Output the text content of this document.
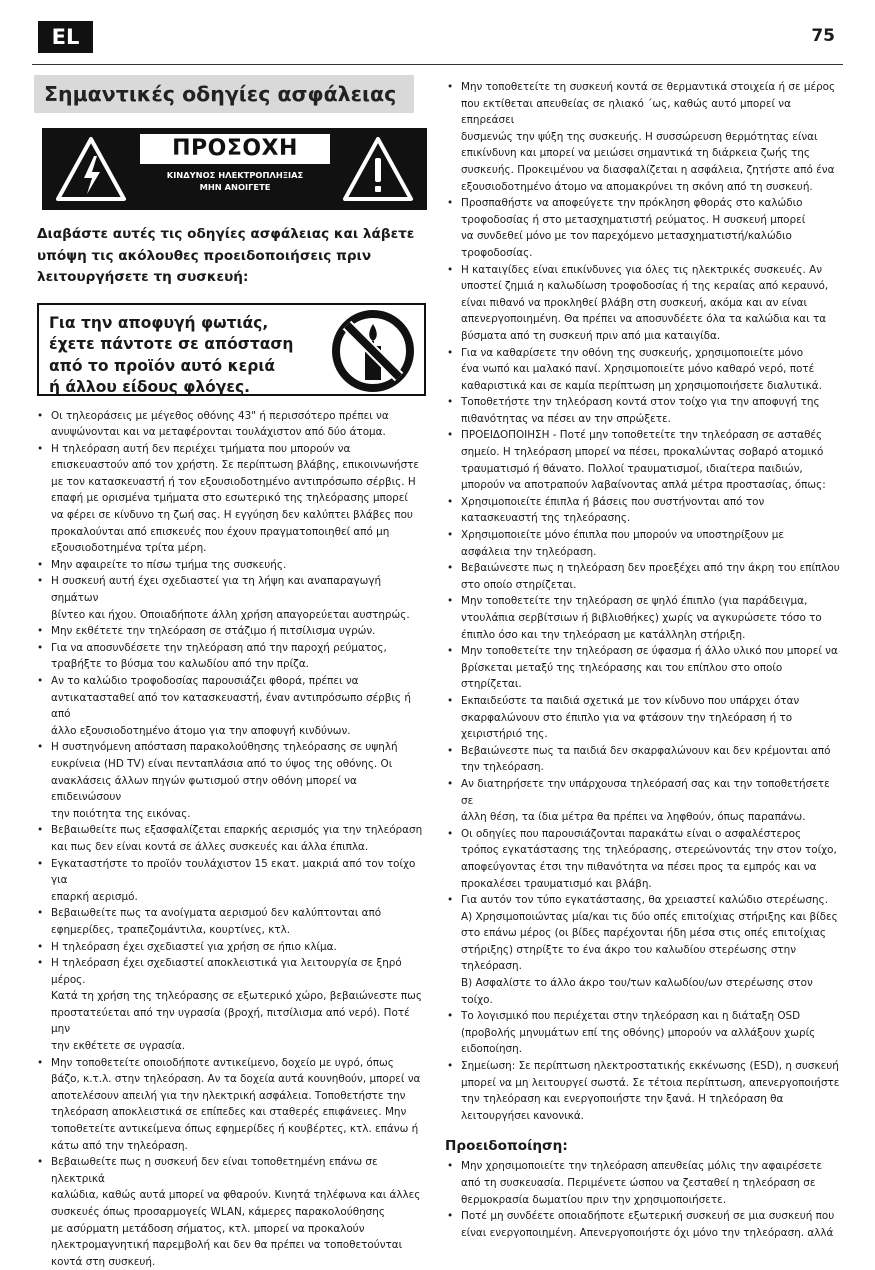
EL	75
Σημαντικές οδηγίες ασφάλειας
ΠΡΟΣΟΧΗ
ΚΙΝΔΥΝΟΣ ΗΛΕΚΤΡΟΠΛΗΞΙΑΣ
ΜΗΝ ΑΝΟΙΓΕΤΕ
Διαβάστε αυτές τις οδηγίες ασφάλειας και λάβετε
υπόψη τις ακόλουθες προειδοποιήσεις πριν
λειτουργήσετε τη συσκευή:
Για την αποφυγή φωτιάς,
έχετε πάντοτε σε απόσταση
από το προϊόν αυτό κεριά
ή άλλου είδους φλόγες.
• Οι τηλεοράσεις με μέγεθος οθόνης 43" ή περισσότερο πρέπει να
ανυψώνονται και να μεταφέρονται τουλάχιστον από δύο άτομα.
• Η τηλεόραση αυτή δεν περιέχει τμήματα που μπορούν να
επισκευαστούν από τον χρήστη. Σε περίπτωση βλάβης, επικοινωνήστε
με τον κατασκευαστή ή τον εξουσιοδοτημένο αντιπρόσωπο σέρβις. Η
επαφή με ορισμένα τμήματα στο εσωτερικό της τηλεόρασης μπορεί
να φέρει σε κίνδυνο τη ζωή σας. Η εγγύηση δεν καλύπτει βλάβες που
προκαλούνται από επισκευές που έχουν πραγματοποιηθεί από μη
εξουσιοδοτημένα τρίτα μέρη.
• Μην αφαιρείτε το πίσω τμήμα της συσκευής.
• Η συσκευή αυτή έχει σχεδιαστεί για τη λήψη και αναπαραγωγή σημάτων
βίντεο και ήχου. Οποιαδήποτε άλλη χρήση απαγορεύεται αυστηρώς.
• Μην εκθέτετε την τηλεόραση σε στάζιμο ή πιτσίλισμα υγρών.
• Για να αποσυνδέσετε την τηλεόραση από την παροχή ρεύματος,
τραβήξτε το βύσμα του καλωδίου από την πρίζα.
• Αν το καλώδιο τροφοδοσίας παρουσιάζει φθορά, πρέπει να
αντικατασταθεί από τον κατασκευαστή, έναν αντιπρόσωπο σέρβις ή από
άλλο εξουσιοδοτημένο άτομο για την αποφυγή κινδύνων.
• Η συστηνόμενη απόσταση παρακολούθησης τηλεόρασης σε υψηλή
ευκρίνεια (HD TV) είναι πενταπλάσια από το ύψος της οθόνης. Οι
ανακλάσεις άλλων πηγών φωτισμού στην οθόνη μπορεί να επιδεινώσουν
την ποιότητα της εικόνας.
• Βεβαιωθείτε πως εξασφαλίζεται επαρκής αερισμός για την τηλεόραση
και πως δεν είναι κοντά σε άλλες συσκευές και άλλα έπιπλα.
• Εγκαταστήστε το προϊόν τουλάχιστον 15 εκατ. μακριά από τον τοίχο για
επαρκή αερισμό.
• Βεβαιωθείτε πως τα ανοίγματα αερισμού δεν καλύπτονται από
εφημερίδες, τραπεζομάντιλα, κουρτίνες, κτλ.
• Η τηλεόραση έχει σχεδιαστεί για χρήση σε ήπιο κλίμα.
• Η τηλεόραση έχει σχεδιαστεί αποκλειστικά για λειτουργία σε ξηρό μέρος.
Κατά τη χρήση της τηλεόρασης σε εξωτερικό χώρο, βεβαιώνεστε πως
προστατεύεται από την υγρασία (βροχή, πιτσίλισμα από νερό). Ποτέ μην
την εκθέτετε σε υγρασία.
• Μην τοποθετείτε οποιοδήποτε αντικείμενο, δοχείο με υγρό, όπως
βάζο, κ.τ.λ. στην τηλεόραση. Αν τα δοχεία αυτά κουνηθούν, μπορεί να
αποτελέσουν απειλή για την ηλεκτρική ασφάλεια. Τοποθετήστε την
τηλεόραση αποκλειστικά σε επίπεδες και σταθερές επιφάνειες. Μην
τοποθετείτε αντικείμενα όπως εφημερίδες ή κουβέρτες, κτλ. επάνω ή
κάτω από την τηλεόραση.
• Βεβαιωθείτε πως η συσκευή δεν είναι τοποθετημένη επάνω σε ηλεκτρικά
καλώδια, καθώς αυτά μπορεί να φθαρούν. Κινητά τηλέφωνα και άλλες
συσκευές όπως προσαρμογείς WLAN, κάμερες παρακολούθησης
με ασύρματη μετάδοση σήματος, κτλ. μπορεί να προκαλούν
ηλεκτρομαγνητική παρεμβολή και δεν θα πρέπει να τοποθετούνται
κοντά στη συσκευή.
• Μην τοποθετείτε τη συσκευή κοντά σε θερμαντικά στοιχεία ή σε μέρος
που εκτίθεται απευθείας σε ηλιακό ΄ως, καθώς αυτό μπορεί να επηρεάσει
δυσμενώς την ψύξη της συσκευής. Η συσσώρευση θερμότητας είναι
επικίνδυνη και μπορεί να μειώσει σημαντικά τη διάρκεια ζωής της
συσκευής. Προκειμένου να διασφαλίζεται η ασφάλεια, ζητήστε από ένα
εξουσιοδοτημένο άτομο να απομακρύνει τη σκόνη από τη συσκευή.
• Προσπαθήστε να αποφεύγετε την πρόκληση φθοράς στο καλώδιο
τροφοδοσίας ή στο μετασχηματιστή ρεύματος. Η συσκευή μπορεί
να συνδεθεί μόνο με τον παρεχόμενο μετασχηματιστή/καλώδιο
τροφοδοσίας.
• Η καταιγίδες είναι επικίνδυνες για όλες τις ηλεκτρικές συσκευές. Αν
υποστεί ζημιά η καλωδίωση τροφοδοσίας ή της κεραίας από κεραυνό,
είναι πιθανό να προκληθεί βλάβη στη συσκευή, ακόμα και αν είναι
απενεργοποιημένη. Θα πρέπει να αποσυνδέετε όλα τα καλώδια και τα
βύσματα από τη συσκευή πριν από μια καταιγίδα.
• Για να καθαρίσετε την οθόνη της συσκευής, χρησιμοποιείτε μόνο
ένα νωπό και μαλακό πανί. Χρησιμοποιείτε μόνο καθαρό νερό, ποτέ
καθαριστικά και σε καμία περίπτωση μη χρησιμοποιήσετε διαλυτικά.
• Τοποθετήστε την τηλεόραση κοντά στον τοίχο για την αποφυγή της
πιθανότητας να πέσει αν την σπρώξετε.
• ΠΡΟΕΙΔΟΠΟΙΗΣΗ - Ποτέ μην τοποθετείτε την τηλεόραση σε ασταθές
σημείο. Η τηλεόραση μπορεί να πέσει, προκαλώντας σοβαρό ατομικό
τραυματισμό ή θάνατο. Πολλοί τραυματισμοί, ιδιαίτερα παιδιών,
μπορούν να αποτραπούν λαβαίνοντας απλά μέτρα προστασίας, όπως:
• Χρησιμοποιείτε έπιπλα ή βάσεις που συστήνονται από τον
κατασκευαστή της τηλεόρασης.
• Χρησιμοποιείτε μόνο έπιπλα που μπορούν να υποστηρίξουν με
ασφάλεια την τηλεόραση.
• Βεβαιώνεστε πως η τηλεόραση δεν προεξέχει από την άκρη του επίπλου
στο οποίο στηρίζεται.
• Μην τοποθετείτε την τηλεόραση σε ψηλό έπιπλο (για παράδειγμα,
ντουλάπια σερβίτσιων ή βιβλιοθήκες) χωρίς να αγκυρώσετε τόσο το
έπιπλο όσο και την τηλεόραση με κατάλληλη στήριξη.
• Μην τοποθετείτε την τηλεόραση σε ύφασμα ή άλλο υλικό που μπορεί να
βρίσκεται μεταξύ της τηλεόρασης και του επίπλου στο οποίο στηρίζεται.
• Εκπαιδεύστε τα παιδιά σχετικά με τον κίνδυνο που υπάρχει όταν
σκαρφαλώνουν στο έπιπλο για να φτάσουν την τηλεόραση ή τo
χειριστήριό της.
• Βεβαιώνεστε πως τα παιδιά δεν σκαρφαλώνουν και δεν κρέμονται από
την τηλεόραση.
• Αν διατηρήσετε την υπάρχουσα τηλεόρασή σας και την τοποθετήσετε σε
άλλη θέση, τα ίδια μέτρα θα πρέπει να ληφθούν, όπως παραπάνω.
• Οι οδηγίες που παρουσιάζονται παρακάτω είναι ο ασφαλέστερος
τρόπος εγκατάστασης της τηλεόρασης, στερεώνοντάς την στον τοίχο,
αποφεύγοντας έτσι την πιθανότητα να πέσει προς τα εμπρός και να
προκαλέσει τραυματισμό και βλάβη.
• Για αυτόν τον τύπο εγκατάστασης, θα χρειαστεί καλώδιο στερέωσης.
A) Χρησιμοποιώντας μία/και τις δύο οπές επιτοίχιας στήριξης και βίδες
στο επάνω μέρος (οι βίδες παρέχονται ήδη μέσα στις οπές επιτοίχιας
στήριξης) στηρίξτε το ένα άκρο του καλωδίου στερέωσης στην
τηλεόραση.
B) Ασφαλίστε το άλλο άκρο του/των καλωδίου/ων στερέωσης στον
τοίχο.
• Το λογισμικό που περιέχεται στην τηλεόραση και η διάταξη OSD
(προβολής μηνυμάτων επί της οθόνης) μπορούν να αλλάξουν χωρίς
ειδοποίηση.
• Σημείωση: Σε περίπτωση ηλεκτροστατικής εκκένωσης (ESD), η συσκευή
μπορεί να μη λειτουργεί σωστά. Σε τέτοια περίπτωση, απενεργοποιήστε
την τηλεόραση και ενεργοποιήστε την ξανά. Η τηλεόραση θα
λειτουργήσει κανονικά.
Προειδοποίηση:
• Μην χρησιμοποιείτε την τηλεόραση απευθείας μόλις την αφαιρέσετε
από τη συσκευασία. Περιμένετε ώσπου να ζεσταθεί η τηλεόραση σε
θερμοκρασία δωματίου πριν την χρησιμοποιήσετε.
• Ποτέ μη συνδέετε οποιαδήποτε εξωτερική συσκευή σε μια συσκευή που
είναι ενεργοποιημένη. Απενεργοποιήστε όχι μόνο την τηλεόραση. αλλά
